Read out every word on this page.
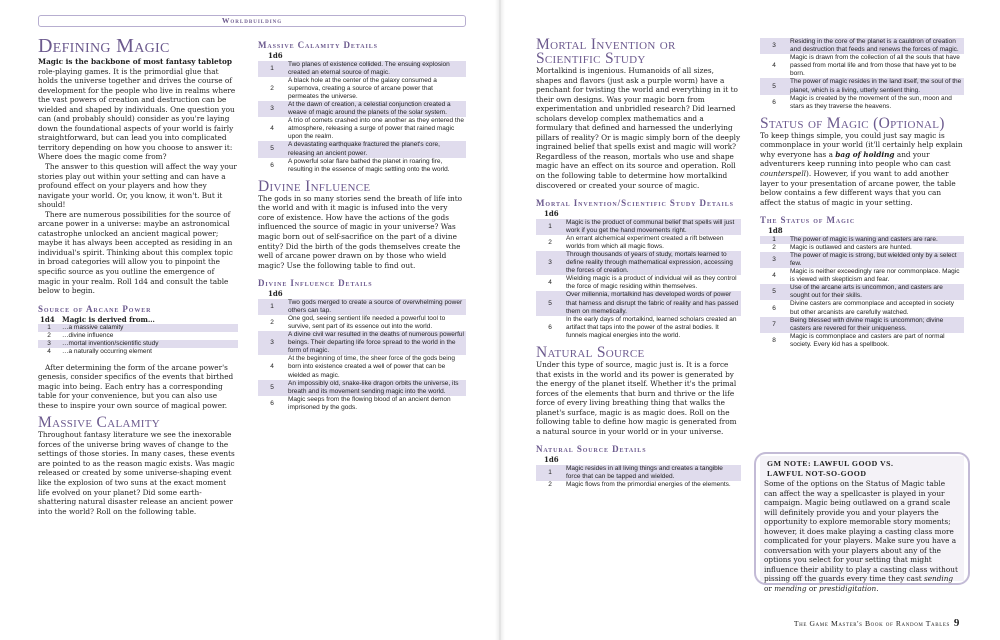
Worldbuilding
Defining Magic

Magic is the backbone of most fantasy tabletop role-playing games. It is the primordial glue that holds the universe together and drives the course of development for the people who live in realms where the vast powers of creation and destruction can be wielded and shaped by individuals. One question you can (and probably should) consider as you're laying down the foundational aspects of your world is fairly straightforward, but can lead you into complicated territory depending on how you choose to answer it: Where does the magic come from?

The answer to this question will affect the way your stories play out within your setting and can have a profound effect on your players and how they navigate your world. Or, you know, it won't. But it should!

There are numerous possibilities for the source of arcane power in a universe: maybe an astronomical catastrophe unlocked an ancient magical power; maybe it has always been accepted as residing in an individual's spirit. Thinking about this complex topic in broad categories will allow you to pinpoint the specific source as you outline the emergence of magic in your realm. Roll 1d4 and consult the table below to begin.

Source of Arcane Power
1d4	Magic is derived from…
1	…a massive calamity
2	…divine influence
3	…mortal invention/scientific study
4	…a naturally occurring element

After determining the form of the arcane power's genesis, consider specifics of the events that birthed magic into being. Each entry has a corresponding table for your convenience, but you can also use these to inspire your own source of magical power.

Massive Calamity

Throughout fantasy literature we see the inexorable forces of the universe bring waves of change to the settings of those stories. In many cases, these events are pointed to as the reason magic exists. Was magic released or created by some universe-shaping event like the explosion of two suns at the exact moment life evolved on your planet? Did some earth-shattering natural disaster release an ancient power into the world? Roll on the following table.

Massive Calamity Details
1d6	
1	Two planes of existence collided. The ensuing explosion created an eternal source of magic.
2	A black hole at the center of the galaxy consumed a supernova, creating a source of arcane power that permeates the universe.
3	At the dawn of creation, a celestial conjunction created a weave of magic around the planets of the solar system.
4	A trio of comets crashed into one another as they entered the atmosphere, releasing a surge of power that rained magic upon the realm.
5	A devastating earthquake fractured the planet's core, releasing an ancient power.
6	A powerful solar flare bathed the planet in roaring fire, resulting in the essence of magic settling onto the world.
Divine Influence

The gods in so many stories send the breath of life into the world and with it magic is infused into the very core of existence. How have the actions of the gods influenced the source of magic in your universe? Was magic born out of self-sacrifice on the part of a divine entity? Did the birth of the gods themselves create the well of arcane power drawn on by those who wield magic? Use the following table to find out.

Divine Influence Details
1d6	
1	Two gods merged to create a source of overwhelming power others can tap.
2	One god, seeing sentient life needed a powerful tool to survive, sent part of its essence out into the world.
3	A divine civil war resulted in the deaths of numerous powerful beings. Their departing life force spread to the world in the form of magic.
4	At the beginning of time, the sheer force of the gods being born into existence created a well of power that can be wielded as magic.
5	An impossibly old, snake-like dragon orbits the universe, its breath and its movement sending magic into the world.
6	Magic seeps from the flowing blood of an ancient demon imprisoned by the gods.
Mortal Invention or Scientific Study

Mortalkind is ingenious. Humanoids of all sizes, shapes and flavors (just ask a purple worm) have a penchant for twisting the world and everything in it to their own designs. Was your magic born from experimentation and unbridled research? Did learned scholars develop complex mathematics and a formulary that defined and harnessed the underlying pillars of reality? Or is magic simply born of the deeply ingrained belief that spells exist and magic will work? Regardless of the reason, mortals who use and shape magic have an effect on its source and operation. Roll on the following table to determine how mortalkind discovered or created your source of magic.

Mortal Invention/Scientific Study Details
1d6	
1	Magic is the product of communal belief that spells will just work if you get the hand movements right.
2	An errant alchemical experiment created a rift between worlds from which all magic flows.
3	Through thousands of years of study, mortals learned to define reality through mathematical expression, accessing the forces of creation.
4	Wielding magic is a product of individual will as they control the force of magic residing within themselves.
5	Over millennia, mortalkind has developed words of power that harness and disrupt the fabric of reality and has passed them on memetically.
6	In the early days of mortalkind, learned scholars created an artifact that taps into the power of the astral bodies. It funnels magical energies into the world.
Natural Source

Under this type of source, magic just is. It is a force that exists in the world and its power is generated by the energy of the planet itself. Whether it's the primal forces of the elements that burn and thrive or the life force of every living breathing thing that walks the planet's surface, magic is as magic does. Roll on the following table to define how magic is generated from a natural source in your world or in your universe.

Natural Source Details
1d6	
1	Magic resides in all living things and creates a tangible force that can be tapped and wielded.
2	Magic flows from the primordial energies of the elements.
3	Residing in the core of the planet is a cauldron of creation and destruction that feeds and renews the forces of magic.
4	Magic is drawn from the collection of all the souls that have passed from mortal life and from those that have yet to be born.
5	The power of magic resides in the land itself, the soul of the planet, which is a living, utterly sentient thing.
6	Magic is created by the movement of the sun, moon and stars as they traverse the heavens.
Status of Magic (Optional)

To keep things simple, you could just say magic is commonplace in your world (it'll certainly help explain why everyone has a bag of holding and your adventurers keep running into people who can cast counterspell). However, if you want to add another layer to your presentation of arcane power, the table below contains a few different ways that you can affect the status of magic in your setting.

The Status of Magic
1d8	
1	The power of magic is waning and casters are rare.
2	Magic is outlawed and casters are hunted.
3	The power of magic is strong, but wielded only by a select few.
4	Magic is neither exceedingly rare nor commonplace. Magic is viewed with skepticism and fear.
5	Use of the arcane arts is uncommon, and casters are sought out for their skills.
6	Divine casters are commonplace and accepted in society but other arcanists are carefully watched.
7	Being blessed with divine magic is uncommon; divine casters are revered for their uniqueness.
8	Magic is commonplace and casters are part of normal society. Every kid has a spellbook.
GM NOTE: LAWFUL GOOD VS.
LAWFUL NOT-SO-GOOD

Some of the options on the Status of Magic table can affect the way a spellcaster is played in your campaign. Magic being outlawed on a grand scale will definitely provide you and your players the opportunity to explore memorable story moments; however, it does make playing a casting class more complicated for your players. Make sure you have a conversation with your players about any of the options you select for your setting that might influence their ability to play a casting class without pissing off the guards every time they cast sending or mending or prestidigitation.

The Game Master's Book of Random Tables 9
